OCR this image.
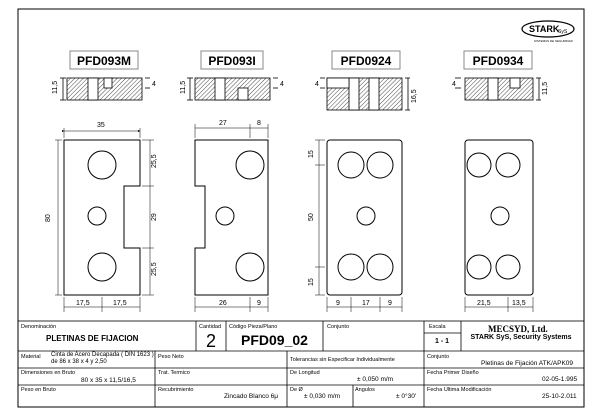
STARK
SyS
SISTEMAS DE SEGURIDAD
PFD093M	PFD093I	PFD0924	PFD0934
11,5	4	11,5	4	4
16,5
4	11,5
35
80
25,5
29
25,5
17,5	17,5
27	8
26	9
15
50
15
9	17	9	21,5	13,5
Denominación
PLETINAS DE FIJACION
Cantidad
2
Código Pieza/Plano
PFD09_02
Conjunto	Escala
1 - 1
MECSYD, Ltd.
STARK SyS, Security Systems
Material Cinta de Acero Decapada ( DIN 1623 ) de 86 x 38 x 4 y 2,50
Peso Neto	Tolerancias sin Especificar Individualmente	Conjunto
Pletinas de Fijación ATK/APK09
Dimensiones en Bruto
80 x 35 x 11,5/16,5
Trat. Termico	De Longitud
± 0,050 m/m
Fecha Primer Diseño
02-05-1.995
Peso en Bruto	Recubrimiento
Zincado Blanco 6μ
De Ø
± 0,030 m/m
Angulos
± 0°30'
Fecha Ultima Modificación
25-10-2.011
